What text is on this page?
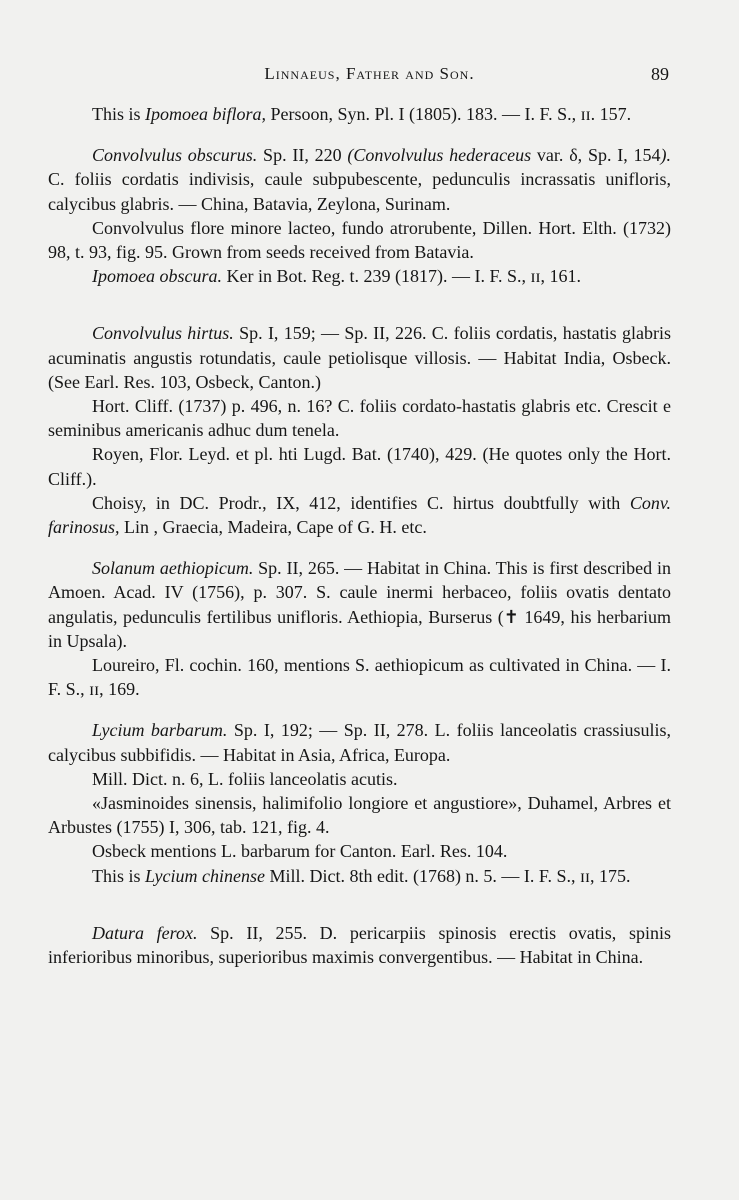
Linnaeus, Father and Son.	89

This is Ipomoea biflora, Persoon, Syn. Pl. I (1805). 183. — I. F. S., ɪɪ. 157.

Convolvulus obscurus. Sp. II, 220 (Convolvulus hederaceus var. δ, Sp. I, 154). C. foliis cordatis indivisis, caule subpubescente, pedunculis incrassatis unifloris, calycibus glabris. — China, Batavia, Zeylona, Surinam.

Convolvulus flore minore lacteo, fundo atrorubente, Dillen. Hort. Elth. (1732) 98, t. 93, fig. 95. Grown from seeds received from Batavia.

Ipomoea obscura. Ker in Bot. Reg. t. 239 (1817). — I. F. S., ɪɪ, 161.

Convolvulus hirtus. Sp. I, 159; — Sp. II, 226. C. foliis cordatis, hastatis glabris acuminatis angustis rotundatis, caule petiolisque villosis. — Habitat India, Osbeck. (See Earl. Res. 103, Osbeck, Canton.)

Hort. Cliff. (1737) p. 496, n. 16? C. foliis cordato-hastatis glabris etc. Crescit e seminibus americanis adhuc dum tenela.

Royen, Flor. Leyd. et pl. hti Lugd. Bat. (1740), 429. (He quotes only the Hort. Cliff.).

Choisy, in DC. Prodr., IX, 412, identifies C. hirtus doubtfully with Conv. farinosus, Lin , Graecia, Madeira, Cape of G. H. etc.

Solanum aethiopicum. Sp. II, 265. — Habitat in China. This is first described in Amoen. Acad. IV (1756), p. 307. S. caule inermi herbaceo, foliis ovatis dentato angulatis, pedunculis fertilibus unifloris. Aethiopia, Burserus (✝ 1649, his herbarium in Upsala).

Loureiro, Fl. cochin. 160, mentions S. aethiopicum as cultivated in China. — I. F. S., ɪɪ, 169.

Lycium barbarum. Sp. I, 192; — Sp. II, 278. L. foliis lanceolatis crassiusulis, calycibus subbifidis. — Habitat in Asia, Africa, Europa.

Mill. Dict. n. 6, L. foliis lanceolatis acutis.

«Jasminoides sinensis, halimifolio longiore et angustiore», Duhamel, Arbres et Arbustes (1755) I, 306, tab. 121, fig. 4.

Osbeck mentions L. barbarum for Canton. Earl. Res. 104.

This is Lycium chinense Mill. Dict. 8th edit. (1768) n. 5. — I. F. S., ɪɪ, 175.

Datura ferox. Sp. II, 255. D. pericarpiis spinosis erectis ovatis, spinis inferioribus minoribus, superioribus maximis convergentibus. — Habitat in China.
